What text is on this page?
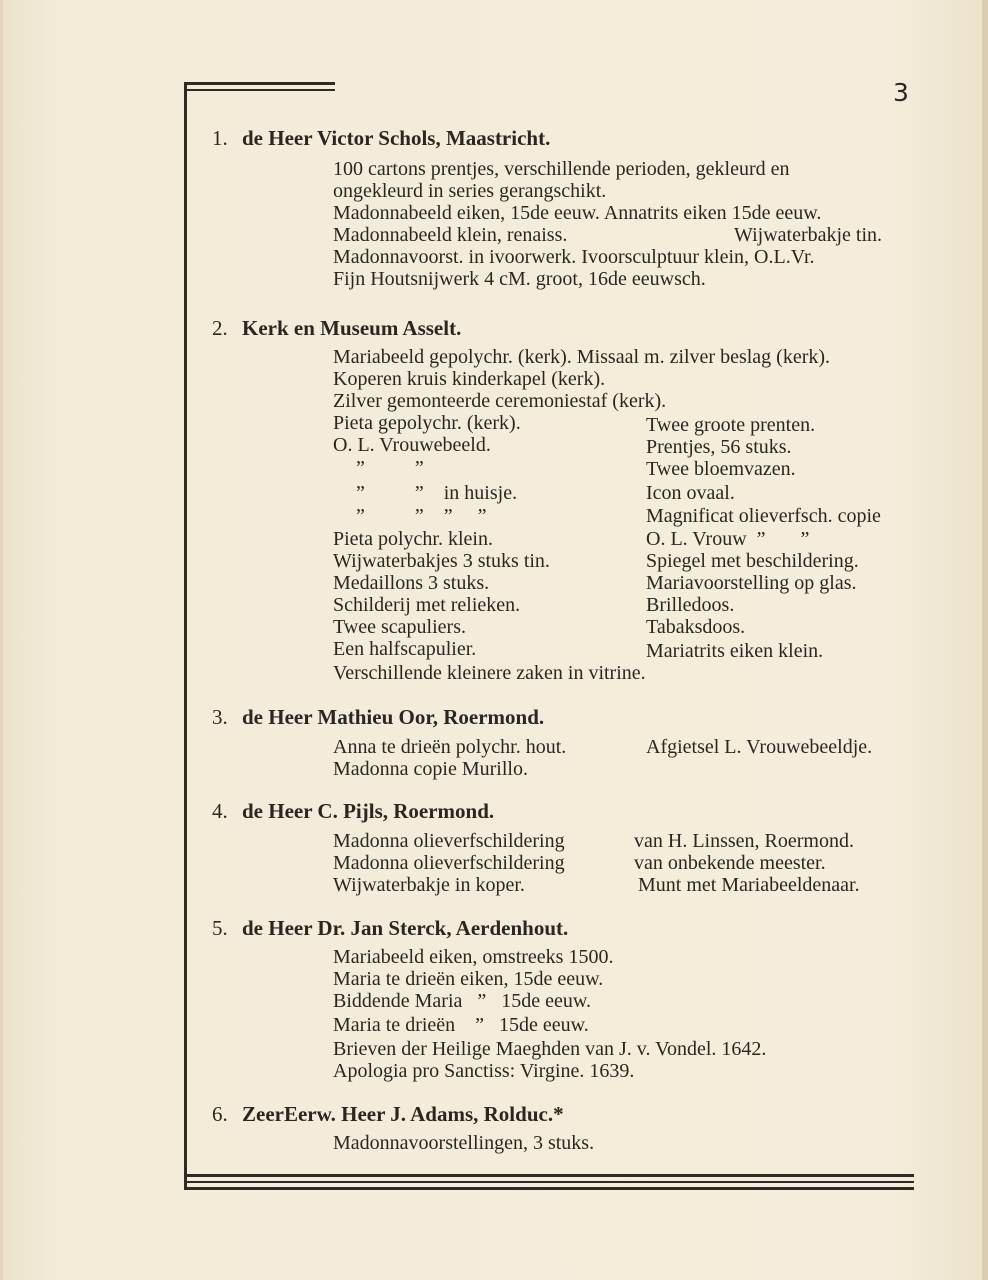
3
1. de Heer Victor Schols, Maastricht.
100 cartons prentjes, verschillende perioden, gekleurd en
ongekleurd in series gerangschikt.
Madonnabeeld eiken, 15de eeuw. Annatrits eiken 15de eeuw.
Madonnabeeld klein, renaiss.	Wijwaterbakje tin.
Madonnavoorst. in ivoorwerk. Ivoorsculptuur klein, O.L.Vr.
Fijn Houtsnijwerk 4 cM. groot, 16de eeuwsch.
2. Kerk en Museum Asselt.
Mariabeeld gepolychr. (kerk). Missaal m. zilver beslag (kerk).
Koperen kruis kinderkapel (kerk).
Zilver gemonteerde ceremoniestaf (kerk).
Pieta gepolychr. (kerk).
O. L. Vrouwebeeld.
”          ”
”          ”    in huisje.
”          ”    ”     ”
Pieta polychr. klein.
Wijwaterbakjes 3 stuks tin.
Medaillons 3 stuks.
Schilderij met relieken.
Twee scapuliers.
Een halfscapulier.
Twee groote prenten.
Prentjes, 56 stuks.
Twee bloemvazen.
Icon ovaal.
Magnificat olieverfsch. copie
O. L. Vrouw  ”       ”
Spiegel met beschildering.
Mariavoorstelling op glas.
Brilledoos.
Tabaksdoos.
Mariatrits eiken klein.
Verschillende kleinere zaken in vitrine.
3. de Heer Mathieu Oor, Roermond.
Anna te drieën polychr. hout.
Madonna copie Murillo.
Afgietsel L. Vrouwebeeldje.
4. de Heer C. Pijls, Roermond.
Madonna olieverfschildering
Madonna olieverfschildering
Wijwaterbakje in koper.
van H. Linssen, Roermond.
van onbekende meester.
Munt met Mariabeeldenaar.
5. de Heer Dr. Jan Sterck, Aerdenhout.
Mariabeeld eiken, omstreeks 1500.
Maria te drieën eiken, 15de eeuw.
Biddende Maria   ”   15de eeuw.
Maria te drieën    ”   15de eeuw.
Brieven der Heilige Maeghden van J. v. Vondel. 1642.
Apologia pro Sanctiss: Virgine. 1639.
6. ZeerEerw. Heer J. Adams, Rolduc.*
Madonnavoorstellingen, 3 stuks.
